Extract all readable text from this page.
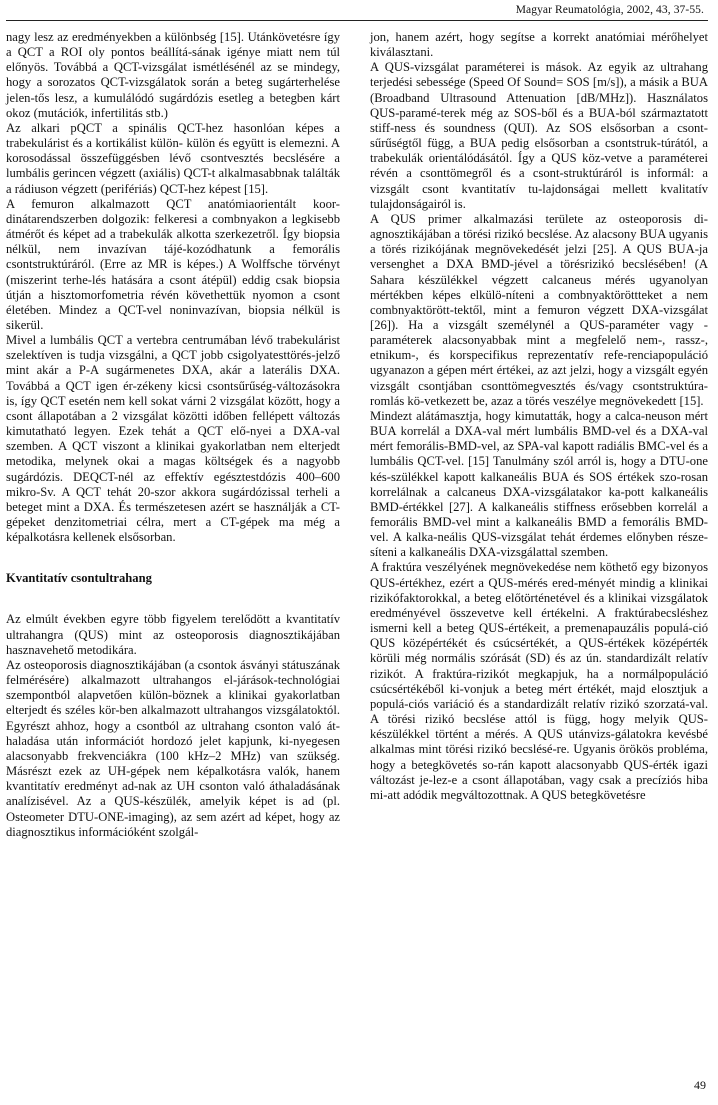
Magyar Reumatológia, 2002, 43, 37-55.

nagy lesz az eredményekben a különbség [15]. Utánkövetésre így a QCT a ROI oly pontos beállítá-sának igénye miatt nem túl előnyös. Továbbá a QCT-vizsgálat ismétlésénél az se mindegy, hogy a sorozatos QCT-vizsgálatok során a beteg sugárterhelése jelen-tős lesz, a kumulálódó sugárdózis esetleg a betegben kárt okoz (mutációk, infertilitás stb.)

Az alkari pQCT a spinális QCT-hez hasonlóan képes a trabekulárist és a kortikálist külön- külön és együtt is elemezni. A korosodással összefüggésben lévő csontvesztés becslésére a lumbális gerincen végzett (axiális) QCT-t alkalmasabbnak találták a rádiuson végzett (perifériás) QCT-hez képest [15].

A femuron alkalmazott QCT anatómiaorientált koor-dinátarendszerben dolgozik: felkeresi a combnyakon a legkisebb átmérőt és képet ad a trabekulák alkotta szerkezetről. Így biopsia nélkül, nem invazívan tájé-kozódhatunk a femorális csontstruktúráról. (Erre az MR is képes.) A Wolffsche törvényt (miszerint terhe-lés hatására a csont átépül) eddig csak biopsia útján a hisztomorfometria révén követhettük nyomon a csont életében. Mindez a QCT-vel noninvazívan, biopsia nélkül is sikerül.

Mivel a lumbális QCT a vertebra centrumában lévő trabekulárist szelektíven is tudja vizsgálni, a QCT jobb csigolyatesttörés-jelző mint akár a P-A sugármenetes DXA, akár a laterális DXA. Továbbá a QCT igen ér-zékeny kicsi csontsűrűség-változásokra is, így QCT esetén nem kell sokat várni 2 vizsgálat között, hogy a csont állapotában a 2 vizsgálat közötti időben fellépett változás kimutatható legyen. Ezek tehát a QCT elő-nyei a DXA-val szemben. A QCT viszont a klinikai gyakorlatban nem elterjedt metodika, melynek okai a magas költségek és a nagyobb sugárdózis. DEQCT-nél az effektív egésztestdózis 400–600 mikro-Sv. A QCT tehát 20-szor akkora sugárdózissal terheli a beteget mint a DXA. És természetesen azért se használják a CT-gépeket denzitometriai célra, mert a CT-gépek ma még a képalkotásra kellenek elsősorban.

Kvantitatív csontultrahang

Az elmúlt években egyre több figyelem terelődött a kvantitatív ultrahangra (QUS) mint az osteoporosis diagnosztikájában hasznavehető metodikára.

Az osteoporosis diagnosztikájában (a csontok ásványi státuszának felmérésére) alkalmazott ultrahangos el-járások-technológiai szempontból alapvetően külön-böznek a klinikai gyakorlatban elterjedt és széles kör-ben alkalmazott ultrahangos vizsgálatoktól. Egyrészt ahhoz, hogy a csontból az ultrahang csonton való át-haladása után információt hordozó jelet kapjunk, ki-nyegesen alacsonyabb frekvenciákra (100 kHz–2 MHz) van szükség. Másrészt ezek az UH-gépek nem képalkotásra valók, hanem kvantitatív eredményt ad-nak az UH csonton való áthaladásának analízisével. Az a QUS-készülék, amelyik képet is ad (pl. Osteometer DTU-ONE-imaging), az sem azért ad képet, hogy az diagnosztikus információként szolgál-

jon, hanem azért, hogy segítse a korrekt anatómiai mérőhelyet kiválasztani.

A QUS-vizsgálat paraméterei is mások. Az egyik az ultrahang terjedési sebessége (Speed Of Sound= SOS [m/s]), a másik a BUA (Broadband Ultrasound Attenuation [dB/MHz]). Használatos QUS-paramé-terek még az SOS-ből és a BUA-ból származtatott stiff-ness és soundness (QUI). Az SOS elsősorban a csont-sűrűségtől függ, a BUA pedig elsősorban a csontstruk-túrától, a trabekulák orientálódásától. Így a QUS köz-vetve a paraméterei révén a csonttömegről és a csont-struktúráról is informál: a vizsgált csont kvantitatív tu-lajdonságai mellett kvalitatív tulajdonságairól is.

A QUS primer alkalmazási területe az osteoporosis di-agnosztikájában a törési rizikó becslése. Az alacsony BUA ugyanis a törés rizikójának megnövekedését jelzi [25]. A QUS BUA-ja versenghet a DXA BMD-jével a törésrizikó becslésében! (A Sahara készülékkel végzett calcaneus mérés ugyanolyan mértékben képes elkülö-níteni a combnyaktöröttteket a nem combnyaktörött-tektől, mint a femuron végzett DXA-vizsgálat [26]). Ha a vizsgált személynél a QUS-paraméter vagy -paraméterek alacsonyabbak mint a megfelelő nem-, rassz-, etnikum-, és korspecifikus reprezentatív refe-renciapopuláció ugyanazon a gépen mért értékei, az azt jelzi, hogy a vizsgált egyén vizsgált csontjában csonttömegvesztés és/vagy csontstruktúra-romlás kö-vetkezett be, azaz a törés veszélye megnövekedett [15].

Mindezt alátámasztja, hogy kimutatták, hogy a calca-neuson mért BUA korrelál a DXA-val mért lumbális BMD-vel és a DXA-val mért femorális-BMD-vel, az SPA-val kapott radiális BMC-vel és a lumbális QCT-vel. [15] Tanulmány szól arról is, hogy a DTU-one kés-szülékkel kapott kalkaneális BUA és SOS értékek szo-rosan korrelálnak a calcaneus DXA-vizsgálatakor ka-pott kalkaneális BMD-értékkel [27]. A kalkaneális stiffness erősebben korrelál a femorális BMD-vel mint a kalkaneális BMD a femorális BMD-vel. A kalka-neális QUS-vizsgálat tehát érdemes előnyben része-síteni a kalkaneális DXA-vizsgálattal szemben.

A fraktúra veszélyének megnövekedése nem köthető egy bizonyos QUS-értékhez, ezért a QUS-mérés ered-ményét mindig a klinikai rizikófaktorokkal, a beteg előtörténetével és a klinikai vizsgálatok eredményével összevetve kell értékelni. A fraktúrabecsléshez ismerni kell a beteg QUS-értékeit, a premenapauzális populá-ció QUS középértékét és csúcsértékét, a QUS-értékek középérték körüli még normális szórását (SD) és az ún. standardizált relatív rizikót. A fraktúra-rizikót megkapjuk, ha a normálpopuláció csúcsértékéből ki-vonjuk a beteg mért értékét, majd elosztjuk a populá-ciós variáció és a standardizált relatív rizikó szorzatá-val. A törési rizikó becslése attól is függ, hogy melyik QUS-készülékkel történt a mérés. A QUS utánvizs-gálatokra kevésbé alkalmas mint törési rizikó becslésé-re. Ugyanis örökös probléma, hogy a betegkövetés so-rán kapott alacsonyabb QUS-érték igazi változást je-lez-e a csont állapotában, vagy csak a precíziós hiba mi-att adódik megváltozottnak. A QUS betegkövetésre

49
